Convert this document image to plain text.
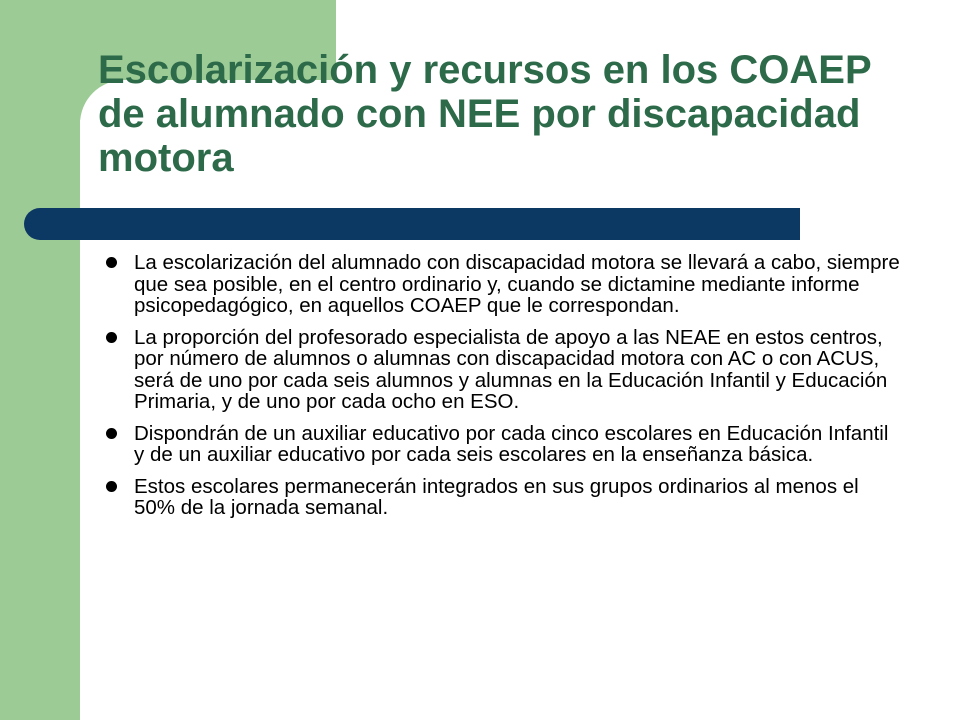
Escolarización y recursos en los COAEP de alumnado con NEE por discapacidad motora
La escolarización del alumnado con discapacidad motora se llevará a cabo, siempre que sea posible, en el centro ordinario y, cuando se dictamine mediante informe psicopedagógico, en aquellos COAEP que le correspondan.
La proporción del profesorado especialista de apoyo a las NEAE en estos centros, por número de alumnos o alumnas con discapacidad motora con AC o con ACUS, será de uno por cada seis alumnos y alumnas en la Educación Infantil y Educación Primaria, y de uno por cada ocho en ESO.
Dispondrán de un auxiliar educativo por cada cinco escolares en Educación Infantil y de un auxiliar educativo por cada seis escolares en la enseñanza básica.
Estos escolares permanecerán integrados en sus grupos ordinarios al menos el 50% de la jornada semanal.
